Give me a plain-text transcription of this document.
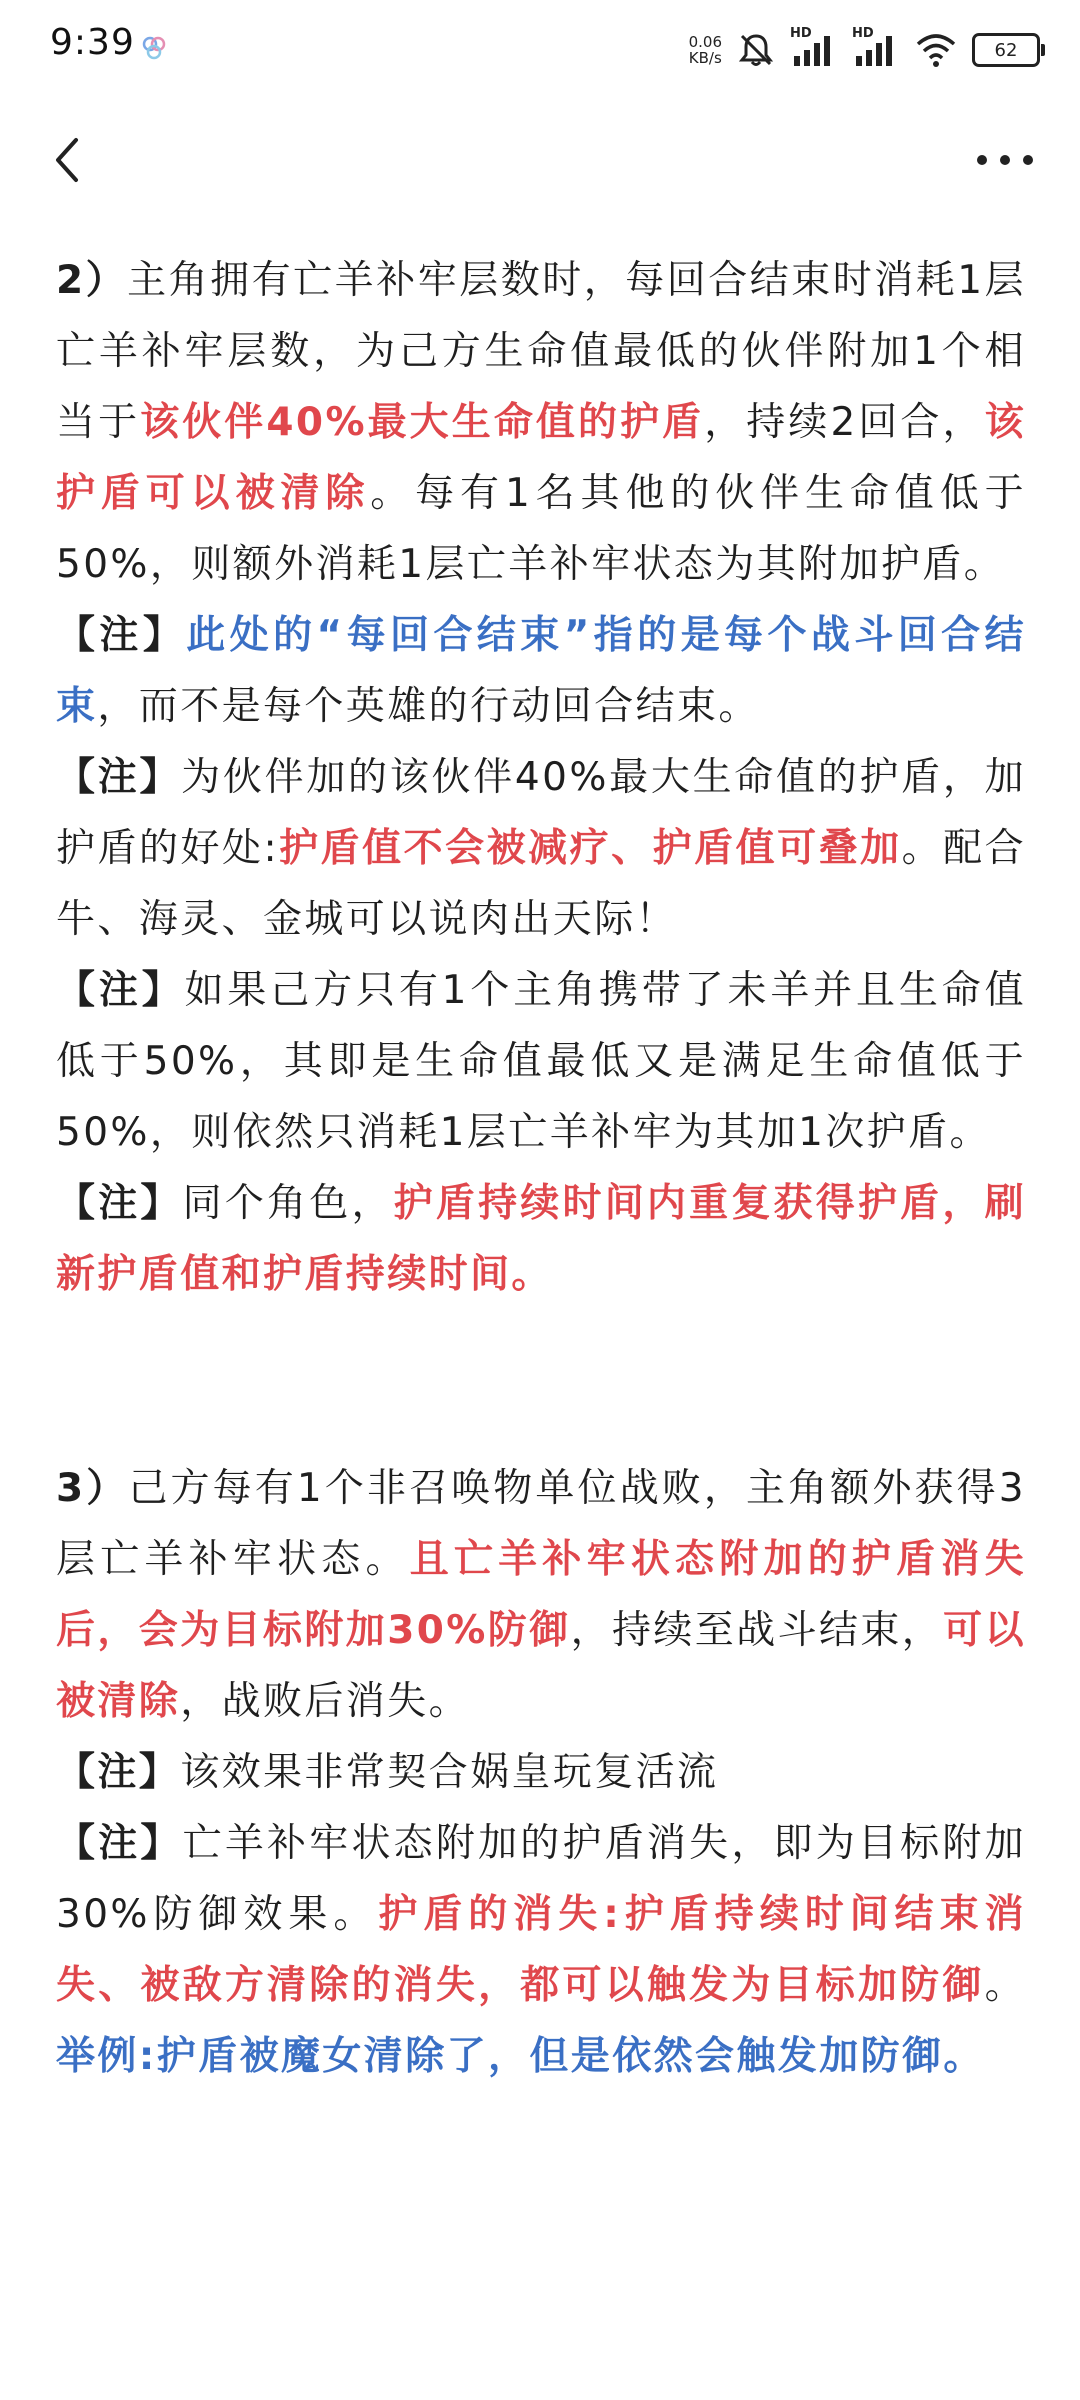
9:39	0.06
KB/s
HD	HD
62

2）主角拥有亡羊补牢层数时，每回合结束时消耗1层亡羊补牢层数，为己方生命值最低的伙伴附加1个相当于该伙伴40%最大生命值的护盾，持续2回合，该护盾可以被清除。每有1名其他的伙伴生命值低于50%，则额外消耗1层亡羊补牢状态为其附加护盾。

【注】此处的“每回合结束”指的是每个战斗回合结束，而不是每个英雄的行动回合结束。

【注】为伙伴加的该伙伴40%最大生命值的护盾，加护盾的好处:护盾值不会被减疗、护盾值可叠加。配合牛、海灵、金城可以说肉出天际！

【注】如果己方只有1个主角携带了未羊并且生命值低于50%，其即是生命值最低又是满足生命值低于50%，则依然只消耗1层亡羊补牢为其加1次护盾。

【注】同个角色，护盾持续时间内重复获得护盾，刷新护盾值和护盾持续时间。

3）己方每有1个非召唤物单位战败，主角额外获得3层亡羊补牢状态。且亡羊补牢状态附加的护盾消失后，会为目标附加30%防御，持续至战斗结束，可以被清除，战败后消失。

【注】该效果非常契合娲皇玩复活流

【注】亡羊补牢状态附加的护盾消失，即为目标附加30%防御效果。护盾的消失:护盾持续时间结束消失、被敌方清除的消失，都可以触发为目标加防御。举例:护盾被魔女清除了，但是依然会触发加防御。
